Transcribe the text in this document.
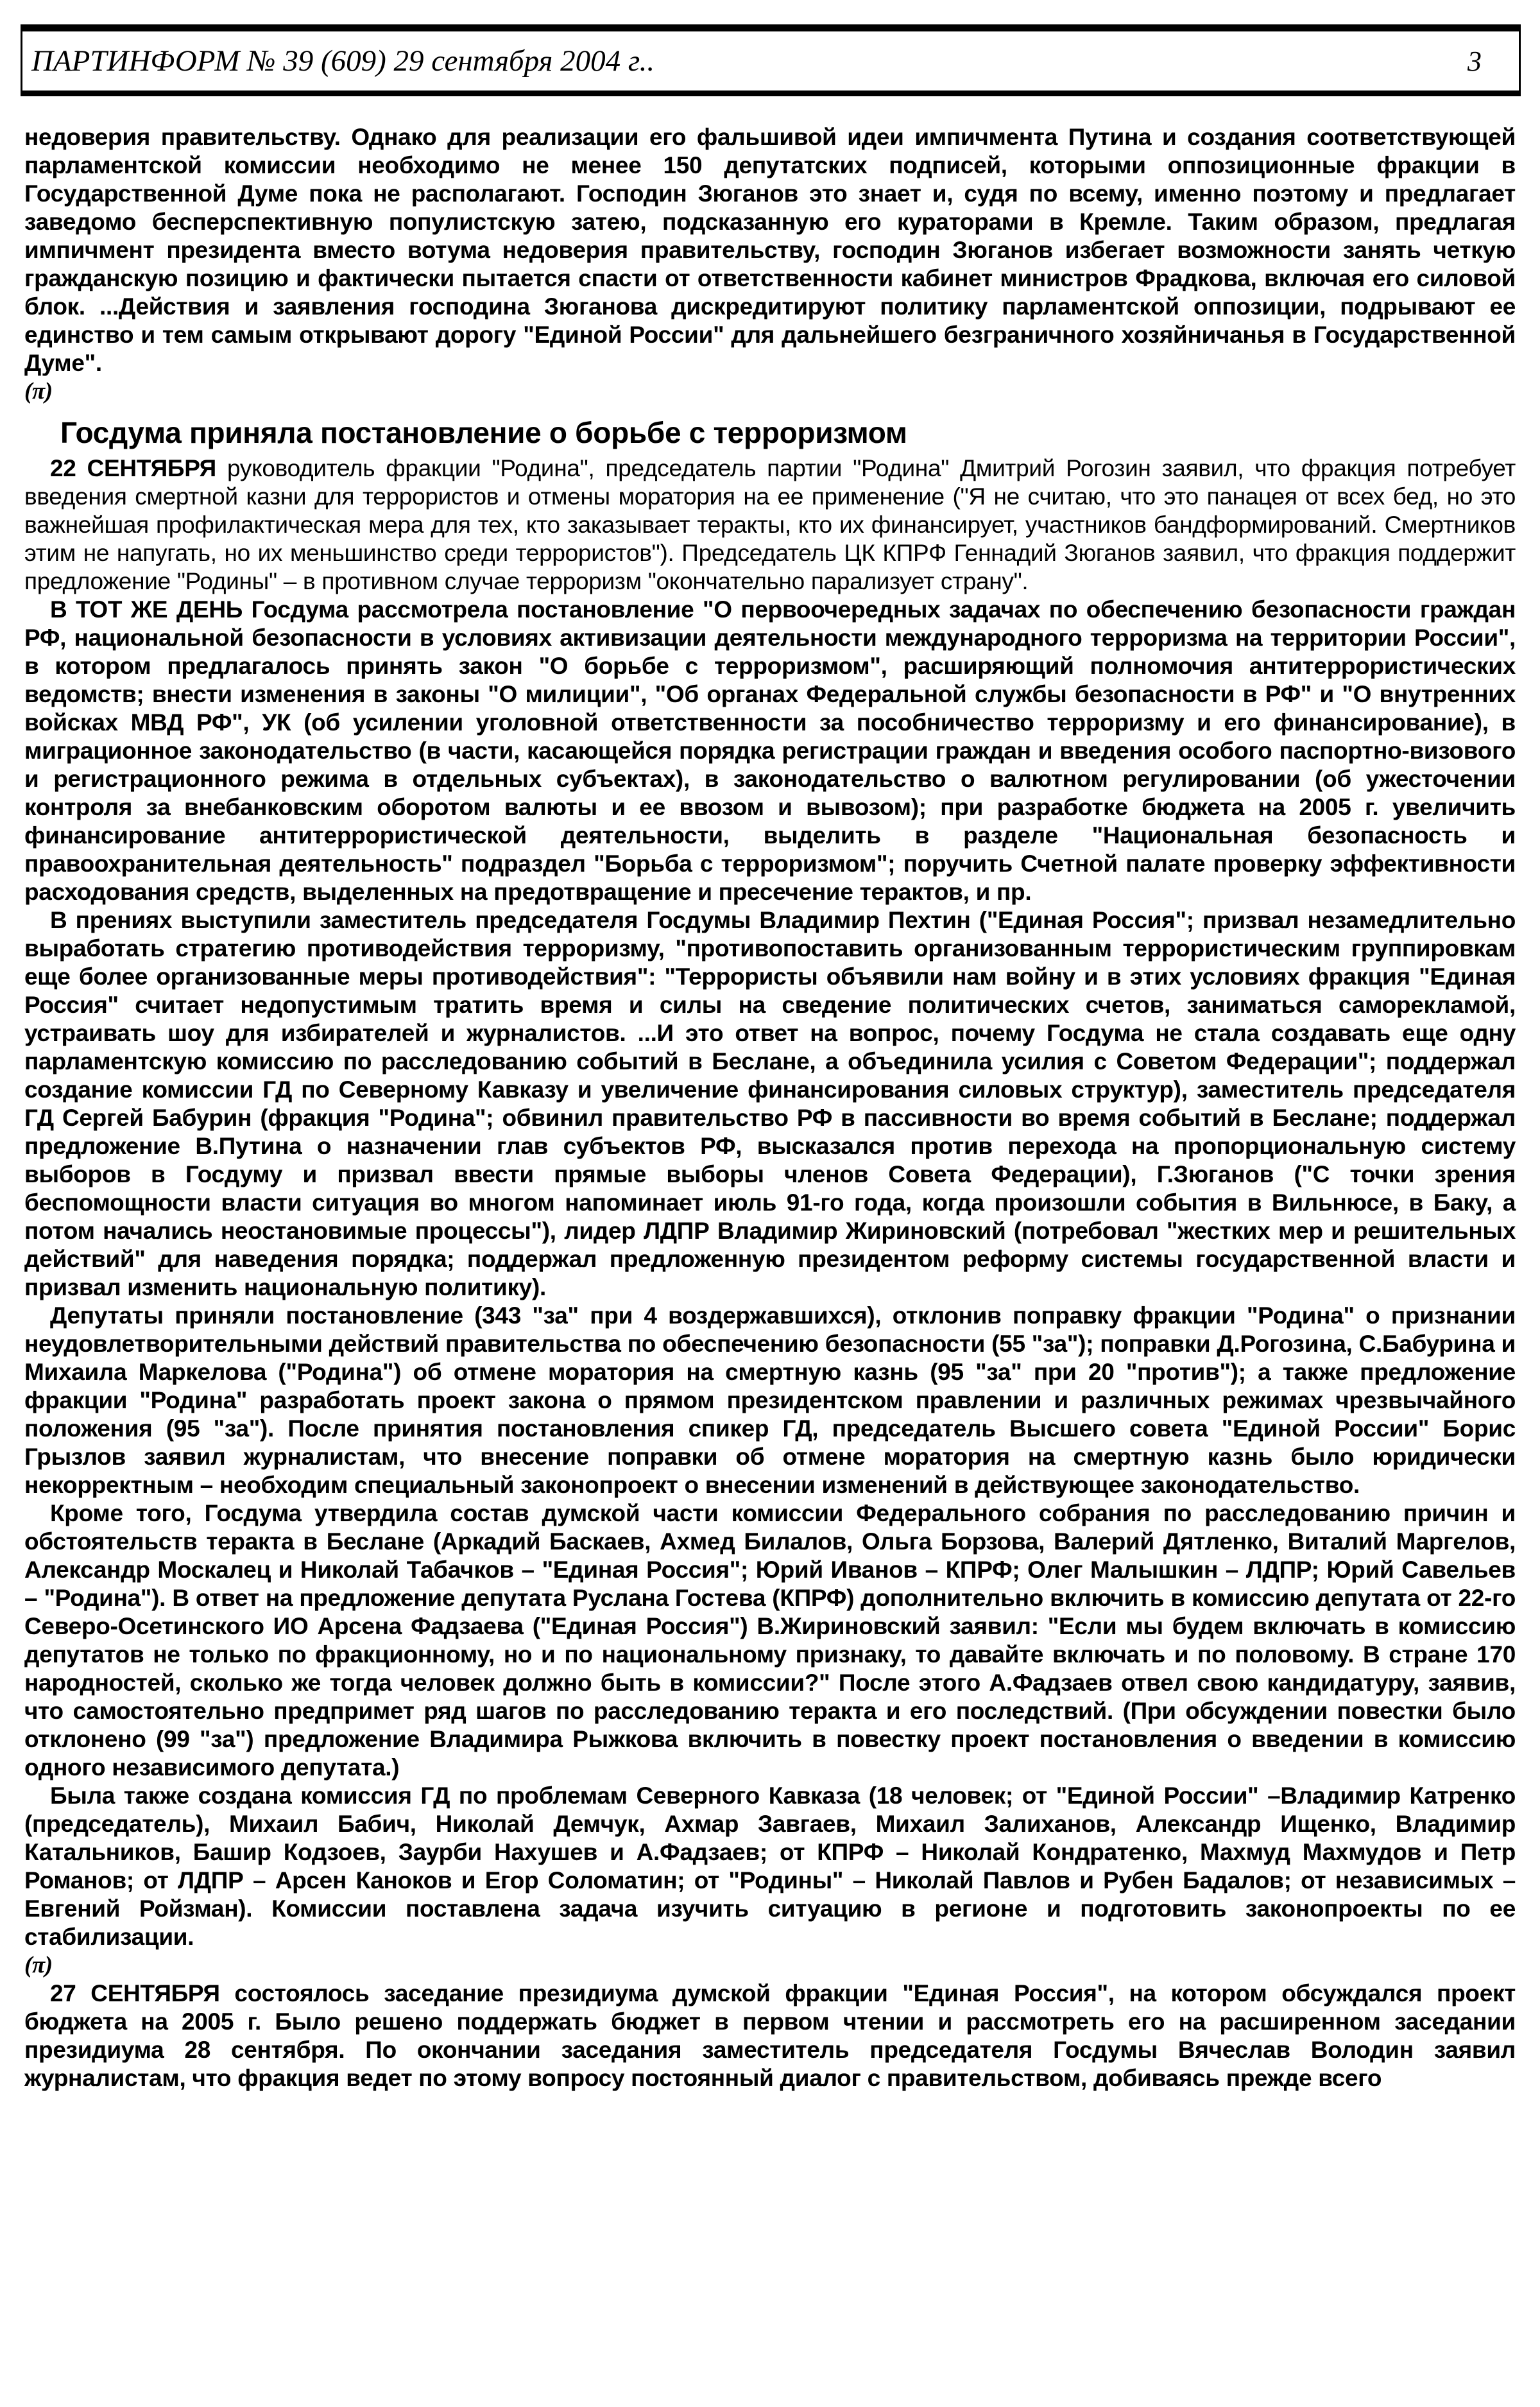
ПАРТИНФОРМ № 39 (609) 29 сентября 2004 г..	3

недоверия правительству. Однако для реализации его фальшивой идеи импичмента Путина и создания соответствующей парламентской комиссии необходимо не менее 150 депутатских подписей, которыми оппозиционные фракции в Государственной Думе пока не располагают. Господин Зюганов это знает и, судя по всему, именно поэтому и предлагает заведомо бесперспективную популистскую затею, подсказанную его кураторами в Кремле. Таким образом, предлагая импичмент президента вместо вотума недоверия правительству, господин Зюганов избегает возможности занять четкую гражданскую позицию и фактически пытается спасти от ответственности кабинет министров Фрадкова, включая его силовой блок. ...Действия и заявления господина Зюганова дискредитируют политику парламентской оппозиции, подрывают ее единство и тем самым открывают дорогу "Единой России" для дальнейшего безграничного хозяйничанья в Государственной Думе".

(π)

Госдума приняла постановление о борьбе с терроризмом

22 СЕНТЯБРЯ руководитель фракции "Родина", председатель партии "Родина" Дмитрий Рогозин заявил, что фракция потребует введения смертной казни для террористов и отмены моратория на ее применение ("Я не считаю, что это панацея от всех бед, но это важнейшая профилактическая мера для тех, кто заказывает теракты, кто их финансирует, участников бандформирований. Смертников этим не напугать, но их меньшинство среди террористов"). Председатель ЦК КПРФ Геннадий Зюганов заявил, что фракция поддержит предложение "Родины" – в противном случае терроризм "окончательно парализует страну".

В ТОТ ЖЕ ДЕНЬ Госдума рассмотрела постановление "О первоочередных задачах по обеспечению безопасности граждан РФ, национальной безопасности в условиях активизации деятельности международного терроризма на территории России", в котором предлагалось принять закон "О борьбе с терроризмом", расширяющий полномочия антитеррористических ведомств; внести изменения в законы "О милиции", "Об органах Федеральной службы безопасности в РФ" и "О внутренних войсках МВД РФ", УК (об усилении уголовной ответственности за пособничество терроризму и его финансирование), в миграционное законодательство (в части, касающейся порядка регистрации граждан и введения особого паспортно-визового и регистрационного режима в отдельных субъектах), в законодательство о валютном регулировании (об ужесточении контроля за внебанковским оборотом валюты и ее ввозом и вывозом); при разработке бюджета на 2005 г. увеличить финансирование антитеррористической деятельности, выделить в разделе "Национальная безопасность и правоохранительная деятельность" подраздел "Борьба с терроризмом"; поручить Счетной палате проверку эффективности расходования средств, выделенных на предотвращение и пресечение терактов, и пр.

В прениях выступили заместитель председателя Госдумы Владимир Пехтин ("Единая Россия"; призвал незамедлительно выработать стратегию противодействия терроризму, "противопоставить организованным террористическим группировкам еще более организованные меры противодействия": "Террористы объявили нам войну и в этих условиях фракция "Единая Россия" считает недопустимым тратить время и силы на сведение политических счетов, заниматься саморекламой, устраивать шоу для избирателей и журналистов. ...И это ответ на вопрос, почему Госдума не стала создавать еще одну парламентскую комиссию по расследованию событий в Беслане, а объединила усилия с Советом Федерации"; поддержал создание комиссии ГД по Северному Кавказу и увеличение финансирования силовых структур), заместитель председателя ГД Сергей Бабурин (фракция "Родина"; обвинил правительство РФ в пассивности во время событий в Беслане; поддержал предложение В.Путина о назначении глав субъектов РФ, высказался против перехода на пропорциональную систему выборов в Госдуму и призвал ввести прямые выборы членов Совета Федерации), Г.Зюганов ("С точки зрения беспомощности власти ситуация во многом напоминает июль 91-го года, когда произошли события в Вильнюсе, в Баку, а потом начались неостановимые процессы"), лидер ЛДПР Владимир Жириновский (потребовал "жестких мер и решительных действий" для наведения порядка; поддержал предложенную президентом реформу системы государственной власти и призвал изменить национальную политику).

Депутаты приняли постановление (343 "за" при 4 воздержавшихся), отклонив поправку фракции "Родина" о признании неудовлетворительными действий правительства по обеспечению безопасности (55 "за"); поправки Д.Рогозина, С.Бабурина и Михаила Маркелова ("Родина") об отмене моратория на смертную казнь (95 "за" при 20 "против"); а также предложение фракции "Родина" разработать проект закона о прямом президентском правлении и различных режимах чрезвычайного положения (95 "за"). После принятия постановления спикер ГД, председатель Высшего совета "Единой России" Борис Грызлов заявил журналистам, что внесение поправки об отмене моратория на смертную казнь было юридически некорректным – необходим специальный законопроект о внесении изменений в действующее законодательство.

Кроме того, Госдума утвердила состав думской части комиссии Федерального собрания по расследованию причин и обстоятельств теракта в Беслане (Аркадий Баскаев, Ахмед Билалов, Ольга Борзова, Валерий Дятленко, Виталий Маргелов, Александр Москалец и Николай Табачков – "Единая Россия"; Юрий Иванов – КПРФ; Олег Малышкин – ЛДПР; Юрий Савельев – "Родина"). В ответ на предложение депутата Руслана Гостева (КПРФ) дополнительно включить в комиссию депутата от 22-го Северо-Осетинского ИО Арсена Фадзаева ("Единая Россия") В.Жириновский заявил: "Если мы будем включать в комиссию депутатов не только по фракционному, но и по национальному признаку, то давайте включать и по половому. В стране 170 народностей, сколько же тогда человек должно быть в комиссии?" После этого А.Фадзаев отвел свою кандидатуру, заявив, что самостоятельно предпримет ряд шагов по расследованию теракта и его последствий. (При обсуждении повестки было отклонено (99 "за") предложение Владимира Рыжкова включить в повестку проект постановления о введении в комиссию одного независимого депутата.)

Была также создана комиссия ГД по проблемам Северного Кавказа (18 человек; от "Единой России" –Владимир Катренко (председатель), Михаил Бабич, Николай Демчук, Ахмар Завгаев, Михаил Залиханов, Александр Ищенко, Владимир Катальников, Башир Кодзоев, Заурби Нахушев и А.Фадзаев; от КПРФ – Николай Кондратенко, Махмуд Махмудов и Петр Романов; от ЛДПР – Арсен Каноков и Егор Соломатин; от "Родины" – Николай Павлов и Рубен Бадалов; от независимых – Евгений Ройзман). Комиссии поставлена задача изучить ситуацию в регионе и подготовить законопроекты по ее стабилизации.

(π)

27 СЕНТЯБРЯ состоялось заседание президиума думской фракции "Единая Россия", на котором обсуждался проект бюджета на 2005 г. Было решено поддержать бюджет в первом чтении и рассмотреть его на расширенном заседании президиума 28 сентября. По окончании заседания заместитель председателя Госдумы Вячеслав Володин заявил журналистам, что фракция ведет по этому вопросу постоянный диалог с правительством, добиваясь прежде всего
